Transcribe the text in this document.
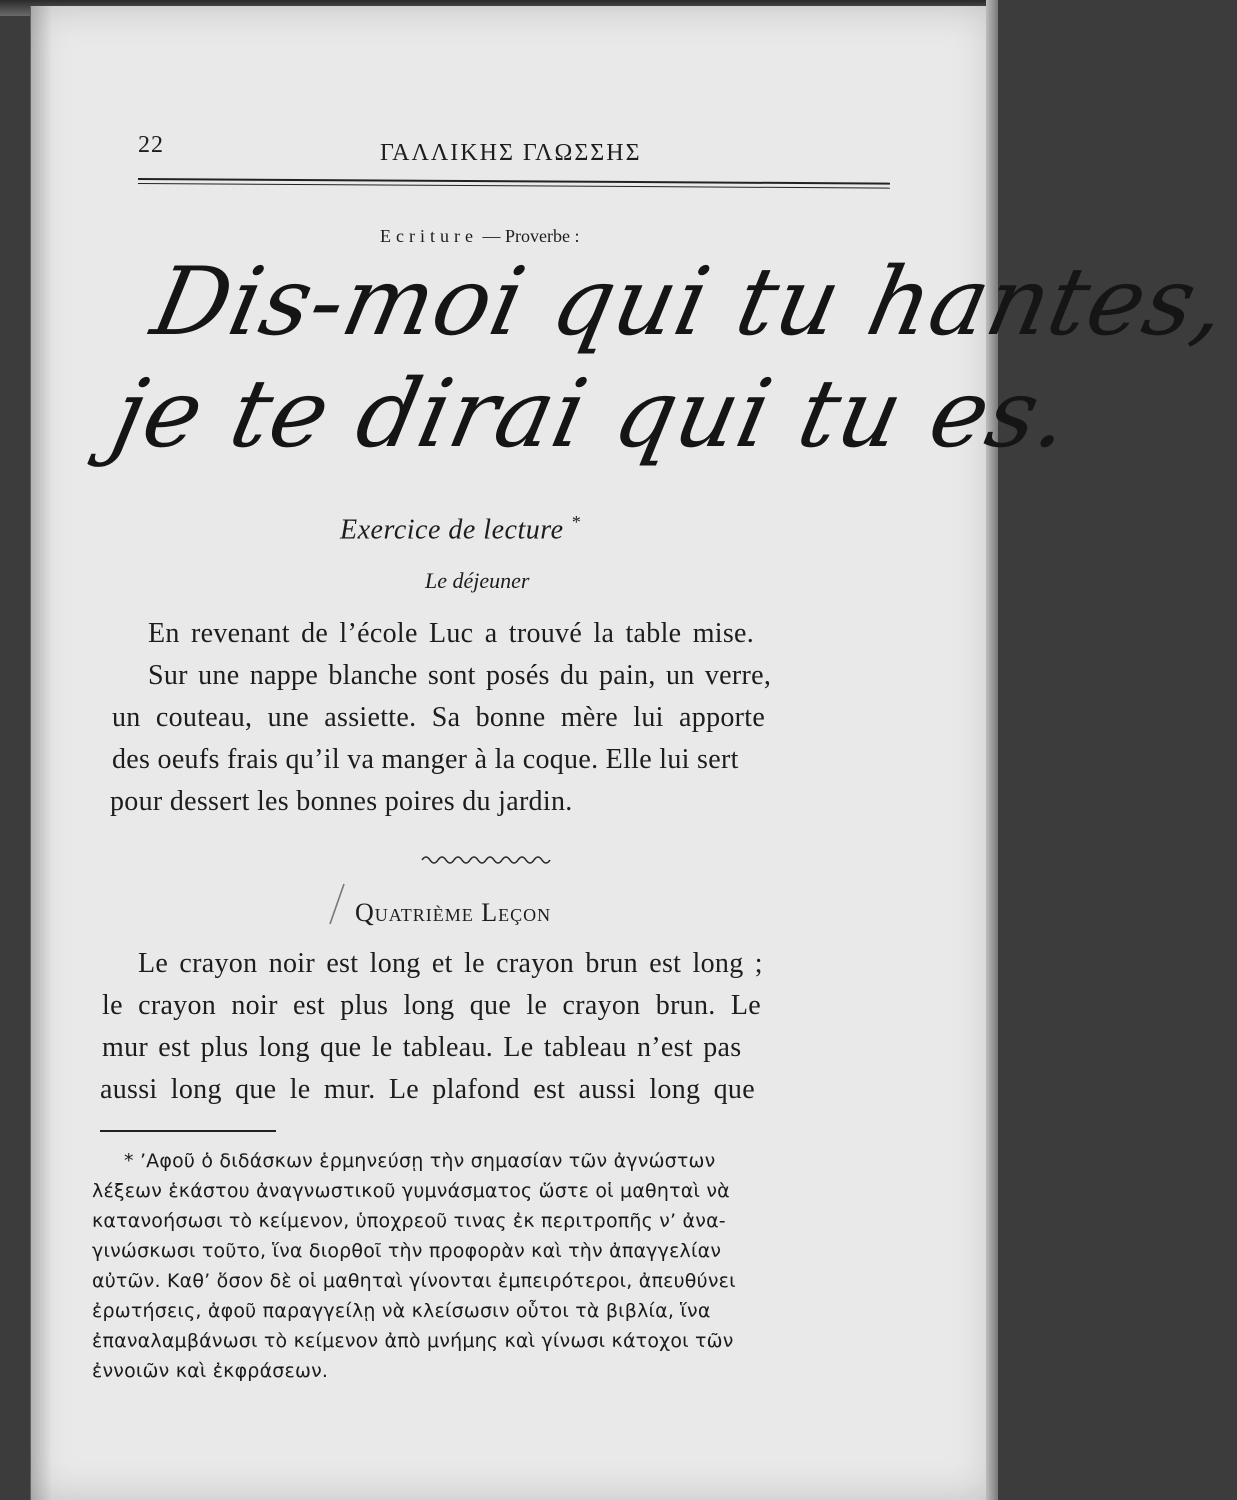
22	ΓΑΛΛΙΚΗΣ ΓΛΩΣΣΗΣ
Ecriture — Proverbe :
Dis-moi qui tu hantes,
je te dirai qui tu es.
Exercice de lecture *
Le déjeuner
En revenant de l’école Luc a trouvé la table mise.
Sur une nappe blanche sont posés du pain, un verre,
un couteau, une assiette. Sa bonne mère lui apporte
des oeufs frais qu’il va manger à la coque. Elle lui sert
pour dessert les bonnes poires du jardin.
Quatrième Leçon
Le crayon noir est long et le crayon brun est long ;
le crayon noir est plus long que le crayon brun. Le
mur est plus long que le tableau. Le tableau n’est pas
aussi long que le mur. Le plafond est aussi long que
* ’Αφοῦ ὁ διδάσκων ἑρμηνεύσῃ τὴν σημασίαν τῶν ἀγνώστων
λέξεων ἑκάστου ἀναγνωστικοῦ γυμνάσματος ὥστε οἱ μαθηταὶ νὰ
κατανοήσωσι τὸ κείμενον, ὑποχρεοῦ τινας ἐκ περιτροπῆς ν’ ἀνα-
γινώσκωσι τοῦτο, ἵνα διορθοῖ τὴν προφορὰν καὶ τὴν ἀπαγγελίαν
αὐτῶν. Καθ’ ὅσον δὲ οἱ μαθηταὶ γίνονται ἐμπειρότεροι, ἀπευθύνει
ἐρωτήσεις, ἀφοῦ παραγγείλῃ νὰ κλείσωσιν οὗτοι τὰ βιβλία, ἵνα
ἐπαναλαμβάνωσι τὸ κείμενον ἀπὸ μνήμης καὶ γίνωσι κάτοχοι τῶν
ἐννοιῶν καὶ ἐκφράσεων.
